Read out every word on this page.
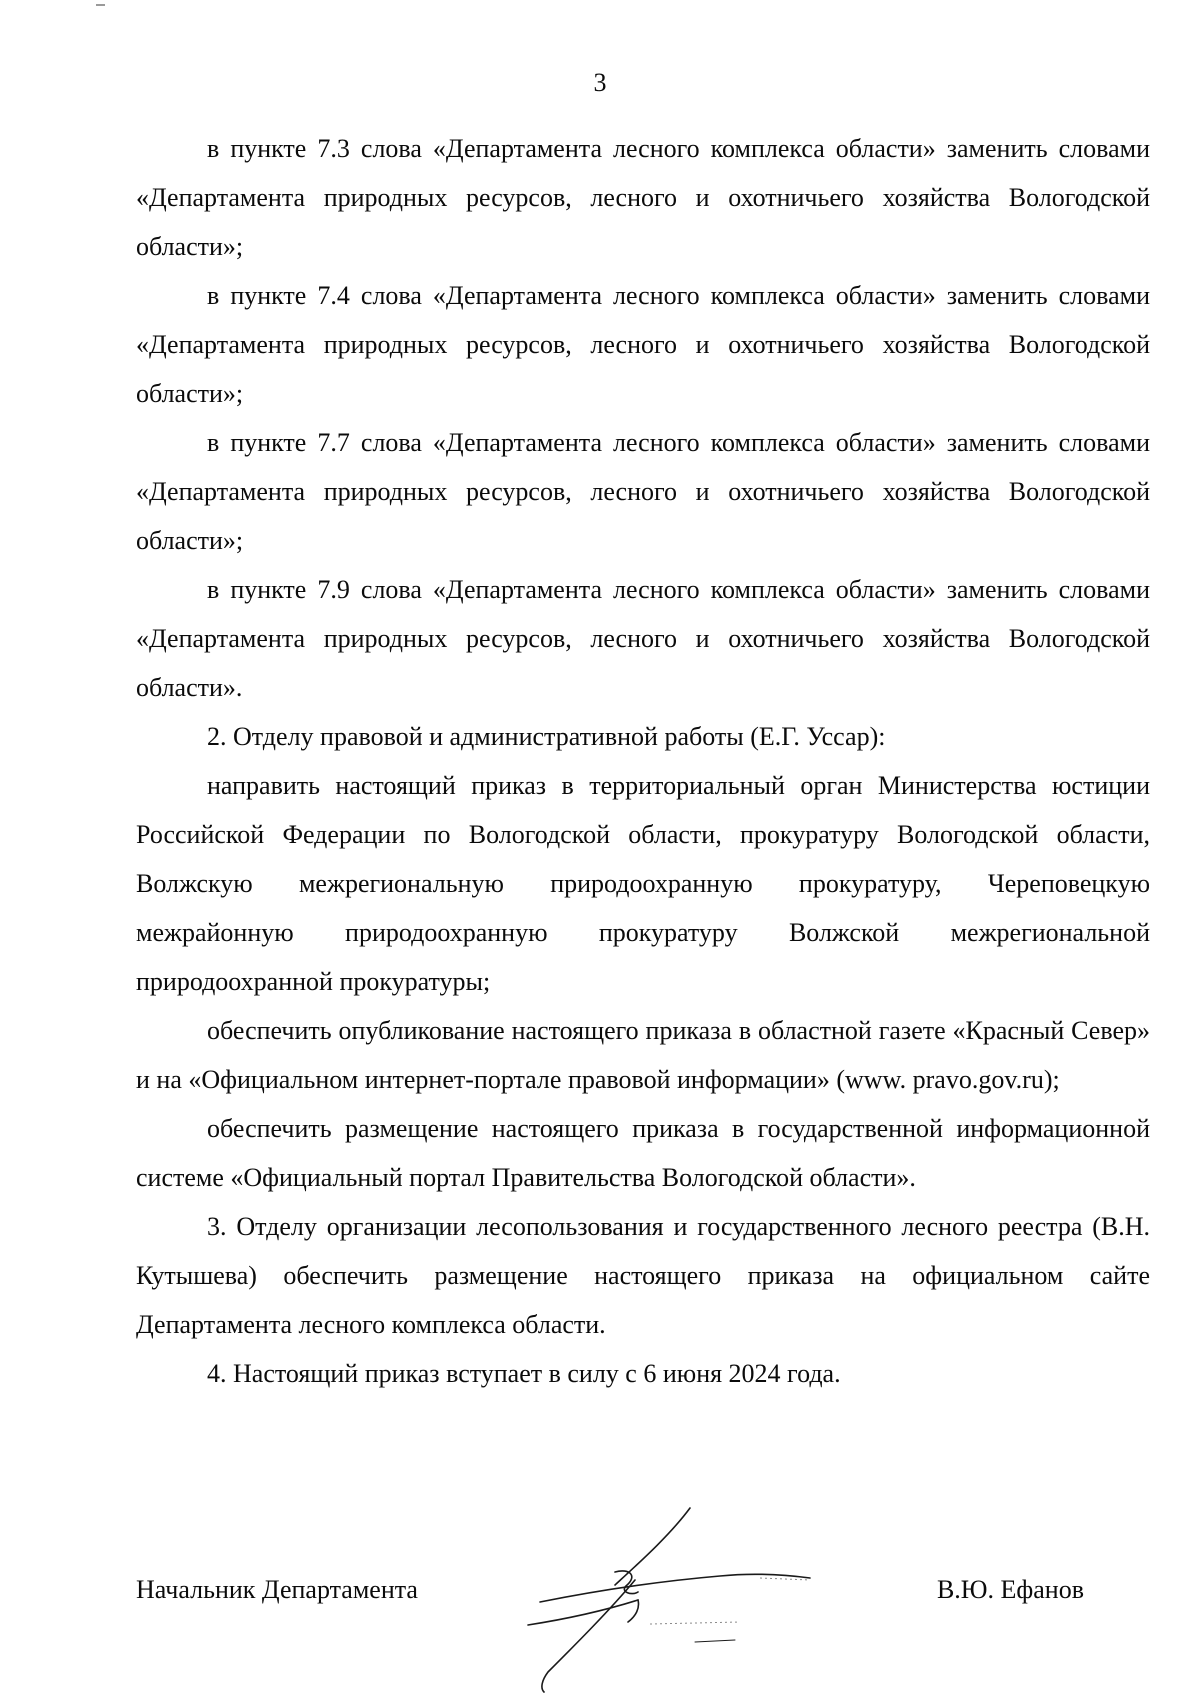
3

в пункте 7.3 слова «Департамента лесного комплекса области» заменить словами «Департамента природных ресурсов, лесного и охотничьего хозяйства Вологодской области»;

в пункте 7.4 слова «Департамента лесного комплекса области» заменить словами «Департамента природных ресурсов, лесного и охотничьего хозяйства Вологодской области»;

в пункте 7.7 слова «Департамента лесного комплекса области» заменить словами «Департамента природных ресурсов, лесного и охотничьего хозяйства Вологодской области»;

в пункте 7.9 слова «Департамента лесного комплекса области» заменить словами «Департамента природных ресурсов, лесного и охотничьего хозяйства Вологодской области».

2. Отделу правовой и административной работы (Е.Г. Уссар):

направить настоящий приказ в территориальный орган Министерства юстиции Российской Федерации по Вологодской области, прокуратуру Вологодской области, Волжскую межрегиональную природоохранную прокуратуру, Череповецкую межрайонную природоохранную прокуратуру Волжской межрегиональной природоохранной прокуратуры;

обеспечить опубликование настоящего приказа в областной газете «Красный Север» и на «Официальном интернет-портале правовой информации» (www. pravo.gov.ru);

обеспечить размещение настоящего приказа в государственной информационной системе «Официальный портал Правительства Вологодской области».

3. Отделу организации лесопользования и государственного лесного реестра (В.Н. Кутышева) обеспечить размещение настоящего приказа на официальном сайте Департамента лесного комплекса области.

4. Настоящий приказ вступает в силу с 6 июня 2024 года.

Начальник Департамента	В.Ю. Ефанов
